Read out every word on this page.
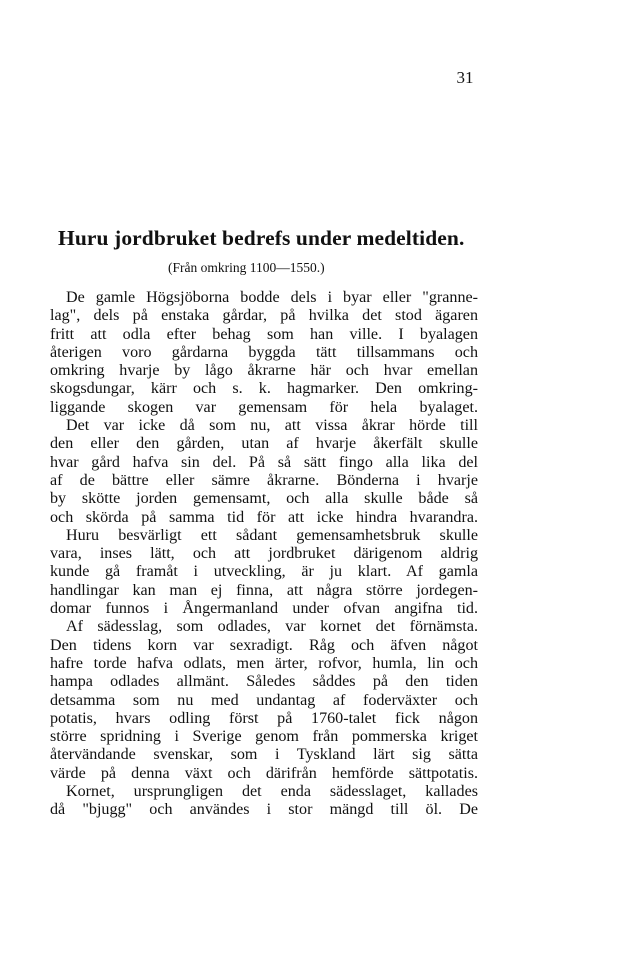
31
Huru jordbruket bedrefs under medeltiden.
(Från omkring 1100—1550.)
De gamle Högsjöborna bodde dels i byar eller "granne-
lag", dels på enstaka gårdar, på hvilka det stod ägaren
fritt att odla efter behag som han ville. I byalagen
återigen voro gårdarna byggda tätt tillsammans och
omkring hvarje by lågo åkrarne här och hvar emellan
skogsdungar, kärr och s. k. hagmarker. Den omkring-
liggande skogen var gemensam för hela byalaget.
Det var icke då som nu, att vissa åkrar hörde till
den eller den gården, utan af hvarje åkerfält skulle
hvar gård hafva sin del. På så sätt fingo alla lika del
af de bättre eller sämre åkrarne. Bönderna i hvarje
by skötte jorden gemensamt, och alla skulle både så
och skörda på samma tid för att icke hindra hvarandra.
Huru besvärligt ett sådant gemensamhetsbruk skulle
vara, inses lätt, och att jordbruket därigenom aldrig
kunde gå framåt i utveckling, är ju klart. Af gamla
handlingar kan man ej finna, att några större jordegen-
domar funnos i Ångermanland under ofvan angifna tid.
Af sädesslag, som odlades, var kornet det förnämsta.
Den tidens korn var sexradigt. Råg och äfven något
hafre torde hafva odlats, men ärter, rofvor, humla, lin och
hampa odlades allmänt. Således såddes på den tiden
detsamma som nu med undantag af foderväxter och
potatis, hvars odling först på 1760-talet fick någon
större spridning i Sverige genom från pommerska kriget
återvändande svenskar, som i Tyskland lärt sig sätta
värde på denna växt och därifrån hemförde sättpotatis.
Kornet, ursprungligen det enda sädesslaget, kallades
då "bjugg" och användes i stor mängd till öl. De
